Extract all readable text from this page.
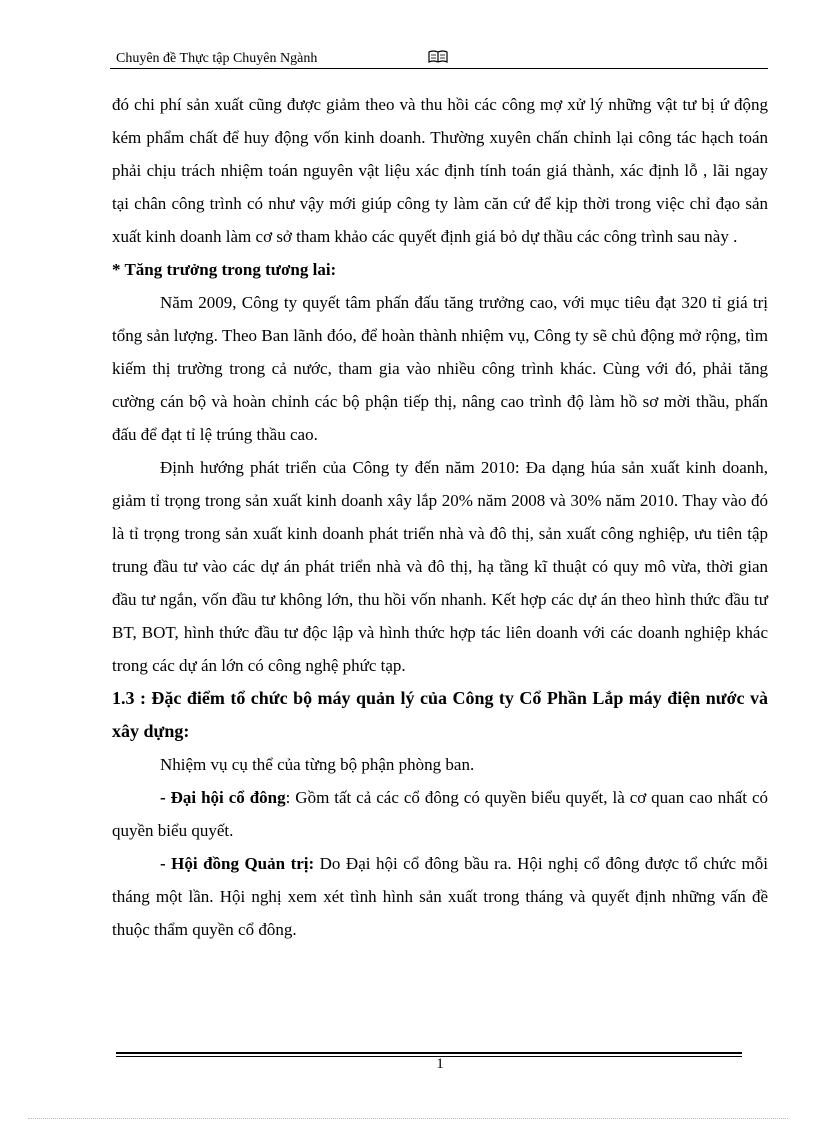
Chuyên đề Thực tập Chuyên Ngành

đó chi phí sản xuất cũng được giảm theo và thu hồi các công mợ xử lý những vật tư bị ứ động kém phẩm chất để huy động vốn kinh doanh. Thường xuyên chấn chỉnh lại công tác hạch toán phải chịu trách nhiệm toán nguyên vật liệu xác định tính toán giá thành, xác định lỗ , lãi ngay tại chân công trình có như vậy mới giúp công ty làm căn cứ để kịp thời trong việc chỉ đạo sản xuất kinh doanh làm cơ sở tham khảo các quyết định giá bỏ dự thầu các công trình sau này .

* Tăng trưởng trong tương lai:

Năm 2009, Công ty quyết tâm phấn đấu tăng trưởng cao, với mục tiêu đạt 320 tỉ giá trị tổng sản lượng. Theo Ban lãnh đóo, để hoàn thành nhiệm vụ, Công ty sẽ chủ động mở rộng, tìm kiếm thị trường trong cả nước, tham gia vào nhiều công trình khác. Cùng với đó, phải tăng cường cán bộ và hoàn chỉnh các bộ phận tiếp thị, nâng cao trình độ làm hồ sơ mời thầu, phấn đấu để đạt tỉ lệ trúng thầu cao.

Định hướng phát triển của Công ty đến năm 2010: Đa dạng húa sản xuất kinh doanh, giảm tỉ trọng trong sản xuất kinh doanh xây lắp 20% năm 2008 và 30% năm 2010. Thay vào đó là tỉ trọng trong sản xuất kinh doanh phát triển nhà và đô thị, sản xuất công nghiệp, ưu tiên tập trung đầu tư vào các dự án phát triển nhà và đô thị, hạ tầng kĩ thuật có quy mô vừa, thời gian đầu tư ngắn, vốn đầu tư không lớn, thu hồi vốn nhanh. Kết hợp các dự án theo hình thức đầu tư BT, BOT, hình thức đầu tư độc lập và hình thức hợp tác liên doanh với các doanh nghiệp khác trong các dự án lớn có công nghệ phức tạp.

1.3 : Đặc điểm tổ chức bộ máy quản lý của Công ty Cổ Phần Lắp máy điện nước và xây dựng:

Nhiệm vụ cụ thể của từng bộ phận phòng ban.

- Đại hội cổ đông: Gồm tất cả các cổ đông có quyền biểu quyết, là cơ quan cao nhất có quyền biểu quyết.

- Hội đồng Quản trị: Do Đại hội cổ đông bầu ra. Hội nghị cổ đông được tổ chức mỗi tháng một lần. Hội nghị xem xét tình hình sản xuất trong tháng và quyết định những vấn đề thuộc thẩm quyền cổ đông.

1
